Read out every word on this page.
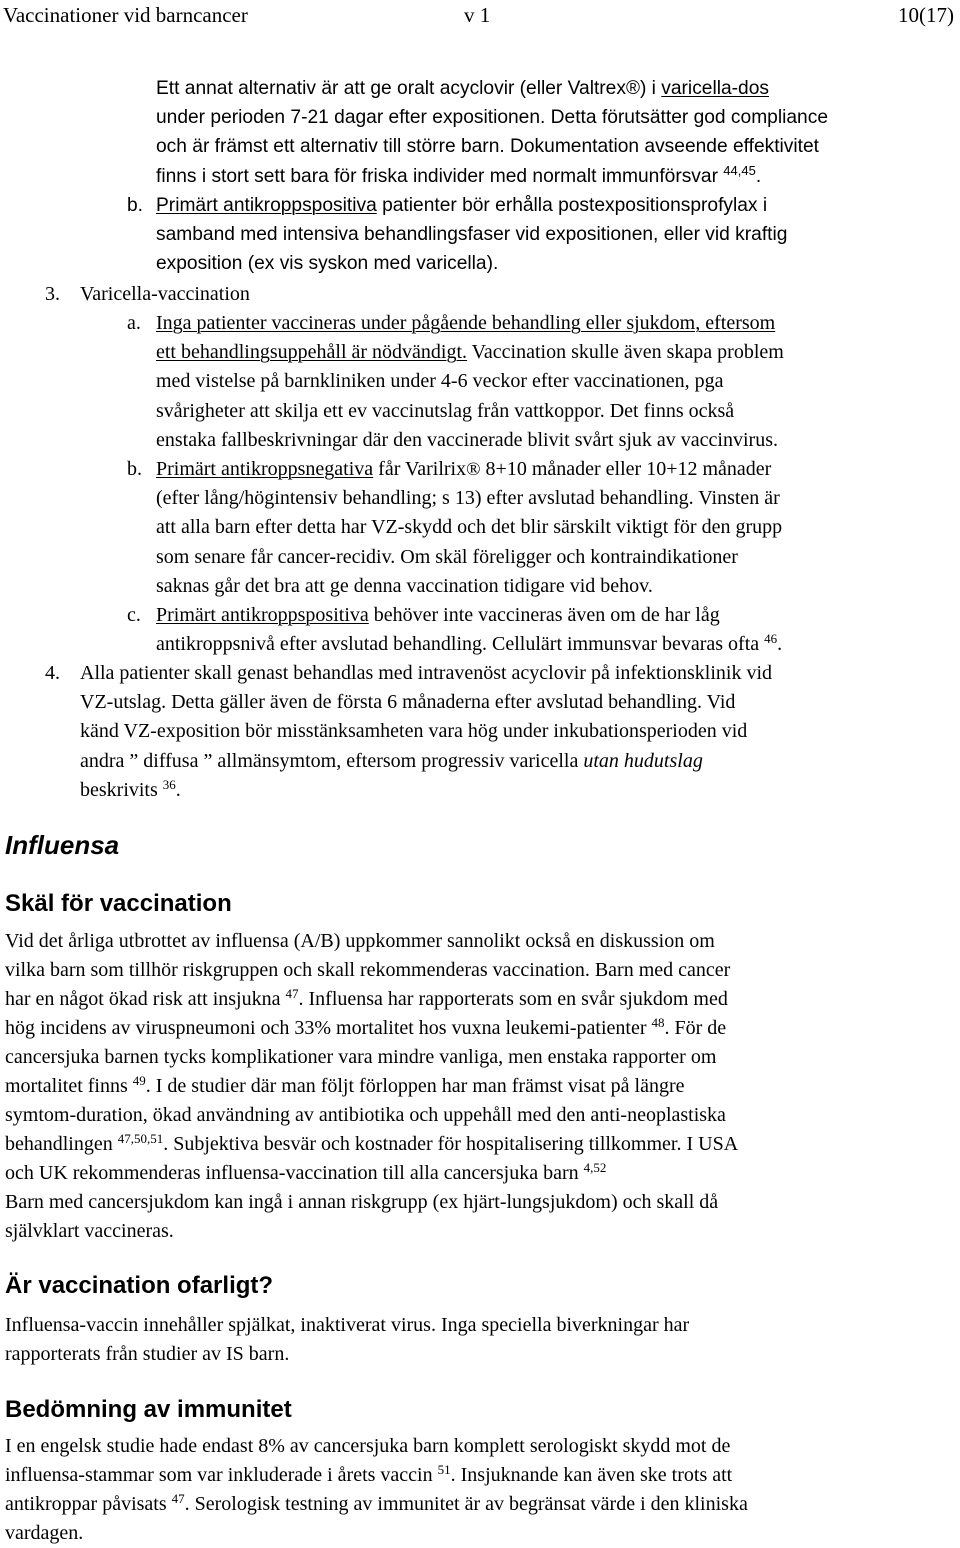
Vaccinationer vid barncancer	v 1	10(17)
Ett annat alternativ är att ge oralt acyclovir (eller Valtrex®) i varicella-dos
under perioden 7-21 dagar efter expositionen. Detta förutsätter god compliance
och är främst ett alternativ till större barn. Dokumentation avseende effektivitet
finns i stort sett bara för friska individer med normalt immunförsvar $^{44,45}$.
b. Primärt antikroppspositiva patienter bör erhålla postexpositionsprofylax i
samband med intensiva behandlingsfaser vid expositionen, eller vid kraftig
exposition (ex vis syskon med varicella).
3. Varicella-vaccination
a. Inga patienter vaccineras under pågående behandling eller sjukdom, eftersom
ett behandlingsuppehåll är nödvändigt. Vaccination skulle även skapa problem
med vistelse på barnkliniken under 4-6 veckor efter vaccinationen, pga
svårigheter att skilja ett ev vaccinutslag från vattkoppor. Det finns också
enstaka fallbeskrivningar där den vaccinerade blivit svårt sjuk av vaccinvirus.
b. Primärt antikroppsnegativa får Varilrix® 8+10 månader eller 10+12 månader
(efter lång/högintensiv behandling; s 13) efter avslutad behandling. Vinsten är
att alla barn efter detta har VZ-skydd och det blir särskilt viktigt för den grupp
som senare får cancer-recidiv. Om skäl föreligger och kontraindikationer
saknas går det bra att ge denna vaccination tidigare vid behov.
c. Primärt antikroppspositiva behöver inte vaccineras även om de har låg
antikroppsnivå efter avslutad behandling. Cellulärt immunsvar bevaras ofta $^{46}$.
4. Alla patienter skall genast behandlas med intravenöst acyclovir på infektionsklinik vid
VZ-utslag. Detta gäller även de första 6 månaderna efter avslutad behandling. Vid
känd VZ-exposition bör misstänksamheten vara hög under inkubationsperioden vid
andra ” diffusa ” allmänsymtom, eftersom progressiv varicella utan hudutslag
beskrivits $^{36}$.
Influensa
Skäl för vaccination
Vid det årliga utbrottet av influensa (A/B) uppkommer sannolikt också en diskussion om
vilka barn som tillhör riskgruppen och skall rekommenderas vaccination. Barn med cancer
har en något ökad risk att insjukna $^{47}$. Influensa har rapporterats som en svår sjukdom med
hög incidens av viruspneumoni och 33% mortalitet hos vuxna leukemi-patienter $^{48}$. För de
cancersjuka barnen tycks komplikationer vara mindre vanliga, men enstaka rapporter om
mortalitet finns $^{49}$. I de studier där man följt förloppen har man främst visat på längre
symtom-duration, ökad användning av antibiotika och uppehåll med den anti-neoplastiska
behandlingen $^{47,50,51}$. Subjektiva besvär och kostnader för hospitalisering tillkommer. I USA
och UK rekommenderas influensa-vaccination till alla cancersjuka barn $^{4,52}$
Barn med cancersjukdom kan ingå i annan riskgrupp (ex hjärt-lungsjukdom) och skall då
självklart vaccineras.
Är vaccination ofarligt?
Influensa-vaccin innehåller spjälkat, inaktiverat virus. Inga speciella biverkningar har
rapporterats från studier av IS barn.
Bedömning av immunitet
I en engelsk studie hade endast 8% av cancersjuka barn komplett serologiskt skydd mot de
influensa-stammar som var inkluderade i årets vaccin $^{51}$. Insjuknande kan även ske trots att
antikroppar påvisats $^{47}$. Serologisk testning av immunitet är av begränsat värde i den kliniska
vardagen.
